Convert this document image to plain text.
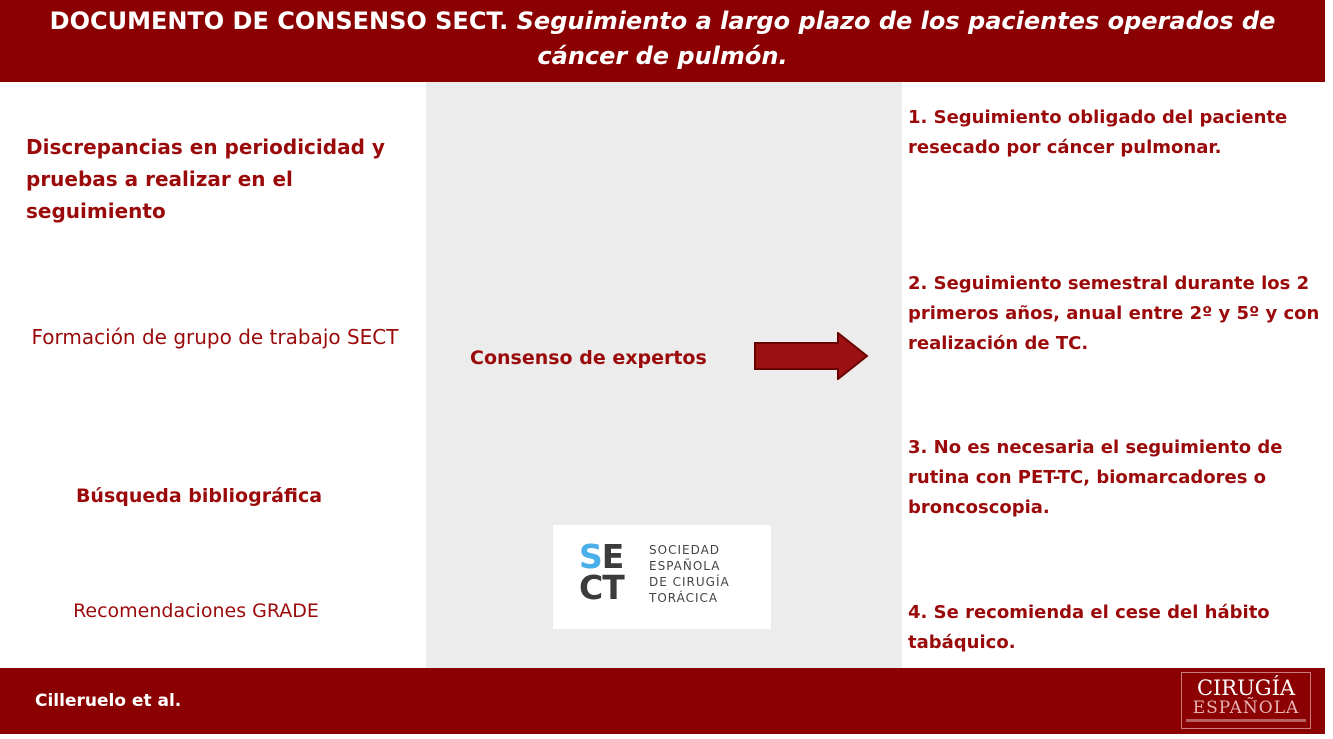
DOCUMENTO DE CONSENSO SECT. Seguimiento a largo plazo de los pacientes operados de
cáncer de pulmón.
Discrepancias en periodicidad y pruebas a realizar en el seguimiento
Formación de grupo de trabajo SECT
Búsqueda bibliográfica
Recomendaciones GRADE
Consenso de expertos
1. Seguimiento obligado del paciente resecado por cáncer pulmonar.
2. Seguimiento semestral durante los 2 primeros años, anual entre 2º y 5º y con realización de TC.
3. No es necesaria el seguimiento de rutina con PET-TC, biomarcadores o broncoscopia.
4. Se recomienda el cese del hábito tabáquico.
SE
CT
SOCIEDAD
ESPAÑOLA
DE CIRUGÍA
TORÁCICA
Cilleruelo et al.
CIRUGÍA
ESPAÑOLA
